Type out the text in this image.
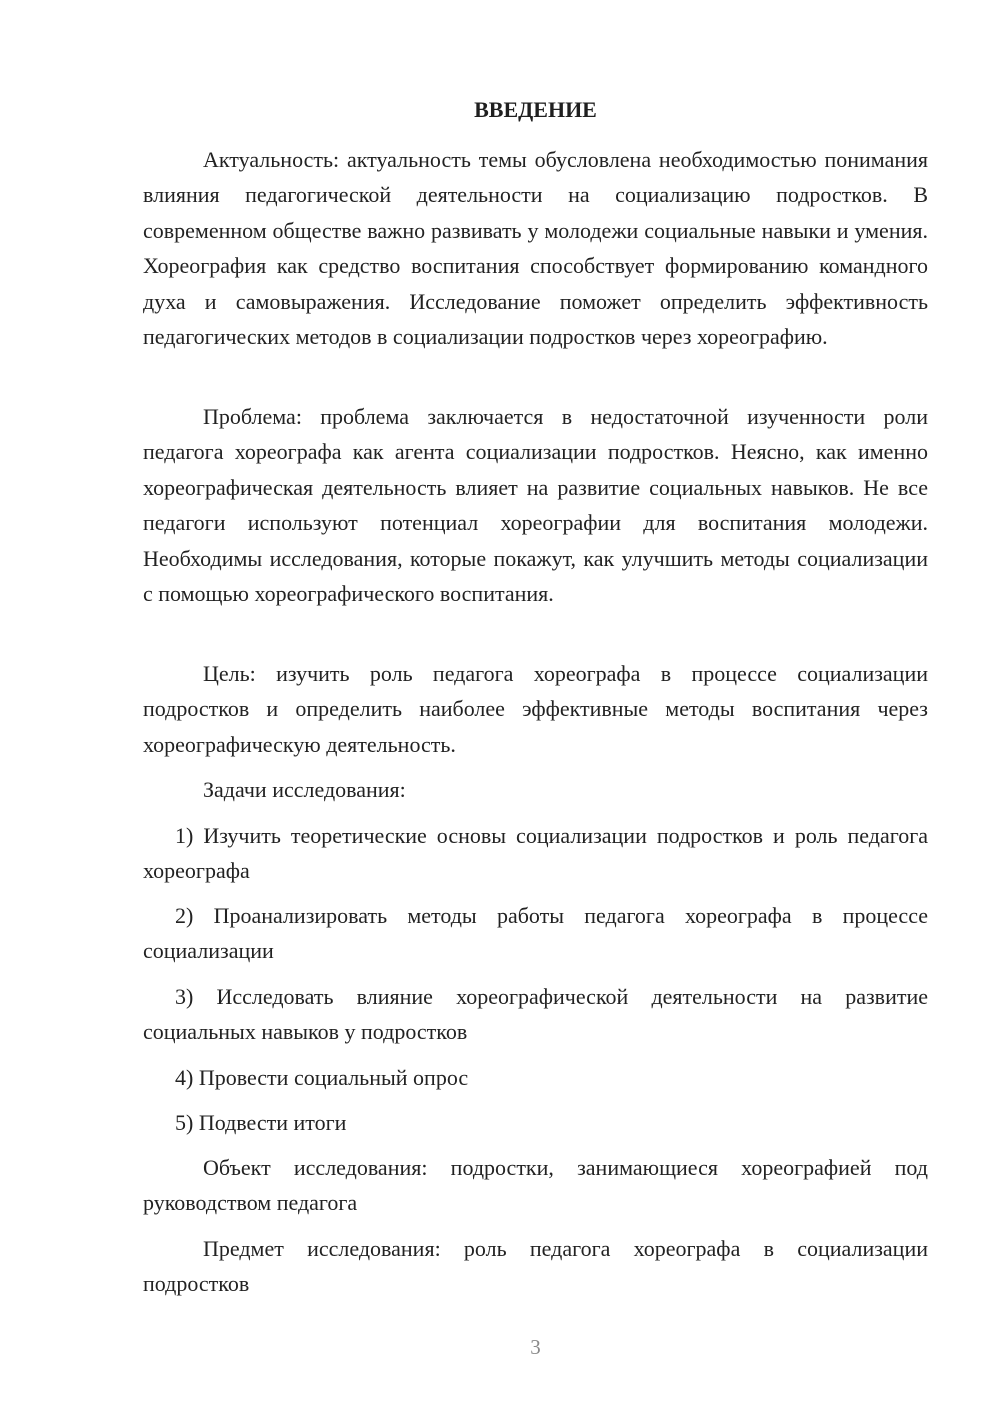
ВВЕДЕНИЕ

Актуальность: актуальность темы обусловлена необходимостью понимания влияния педагогической деятельности на социализацию подростков. В современном обществе важно развивать у молодежи социальные навыки и умения. Хореография как средство воспитания способствует формированию командного духа и самовыражения. Исследование поможет определить эффективность педагогических методов в социализации подростков через хореографию.

Проблема: проблема заключается в недостаточной изученности роли педагога хореографа как агента социализации подростков. Неясно, как именно хореографическая деятельность влияет на развитие социальных навыков. Не все педагоги используют потенциал хореографии для воспитания молодежи. Необходимы исследования, которые покажут, как улучшить методы социализации с помощью хореографического воспитания.

Цель: изучить роль педагога хореографа в процессе социализации подростков и определить наиболее эффективные методы воспитания через хореографическую деятельность.

Задачи исследования:

1) Изучить теоретические основы социализации подростков и роль педагога хореографа

2) Проанализировать методы работы педагога хореографа в процессе социализации

3) Исследовать влияние хореографической деятельности на развитие социальных навыков у подростков

4) Провести социальный опрос

5) Подвести итоги

Объект исследования: подростки, занимающиеся хореографией под руководством педагога

Предмет исследования: роль педагога хореографа в социализации подростков

3
